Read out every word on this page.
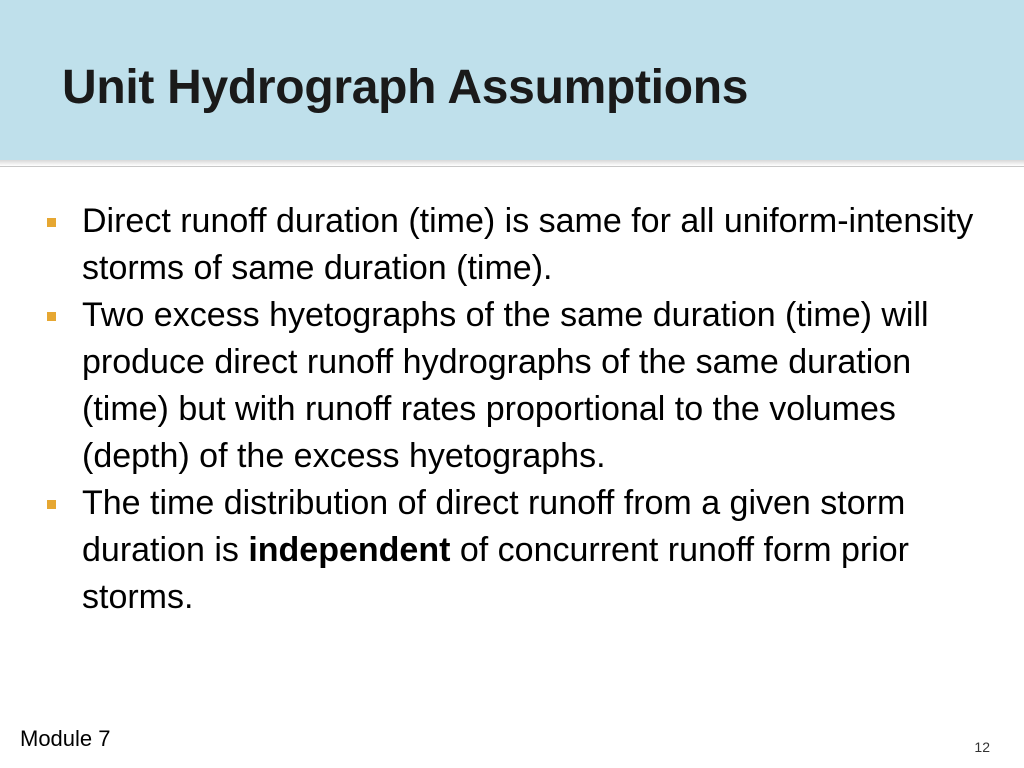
Unit Hydrograph Assumptions
Direct runoff duration (time) is same for all uniform-intensity storms of same duration (time).
Two excess hyetographs of the same duration (time) will produce direct runoff hydrographs of the same duration (time) but with runoff rates proportional to the volumes (depth) of the excess hyetographs.
The time distribution of direct runoff from a given storm duration is independent of concurrent runoff form prior storms.
Module 7	12
